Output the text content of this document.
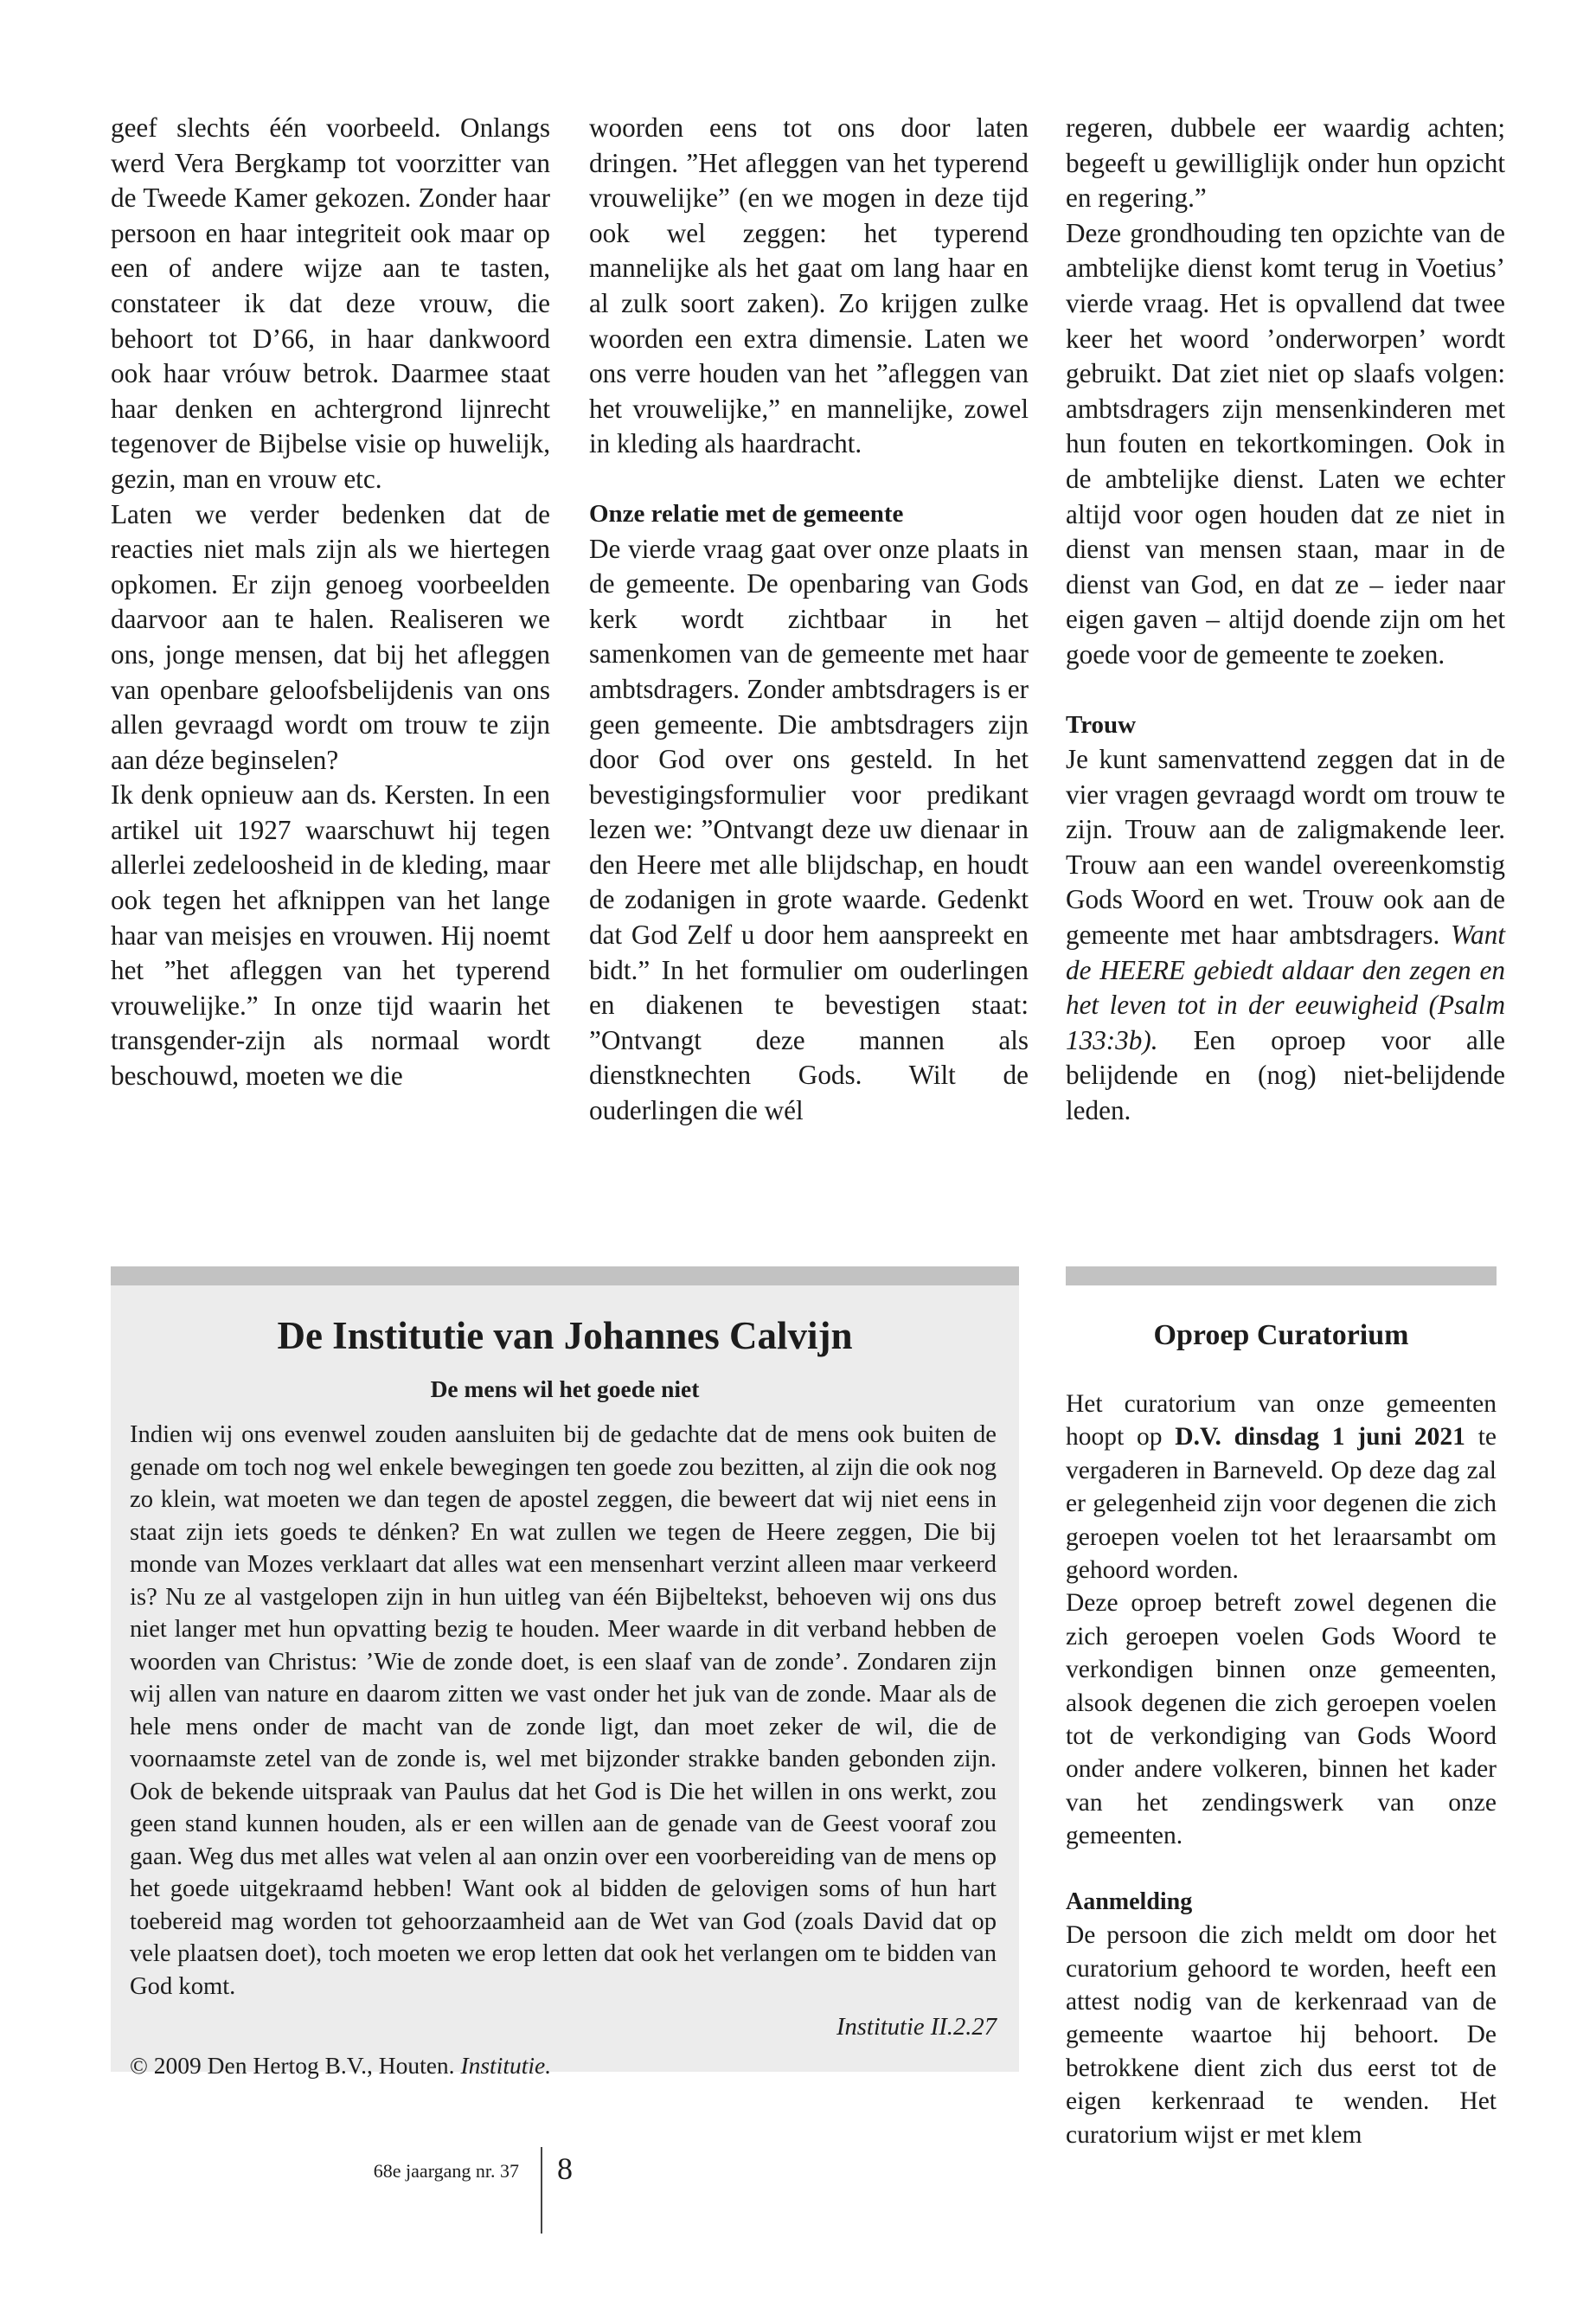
geef slechts één voorbeeld. Onlangs werd Vera Bergkamp tot voorzitter van de Tweede Kamer gekozen. Zonder haar persoon en haar integriteit ook maar op een of andere wijze aan te tasten, constateer ik dat deze vrouw, die behoort tot D’66, in haar dankwoord ook haar vróuw betrok. Daarmee staat haar denken en achtergrond lijnrecht tegenover de Bijbelse visie op huwelijk, gezin, man en vrouw etc.

Laten we verder bedenken dat de reacties niet mals zijn als we hiertegen opkomen. Er zijn genoeg voorbeelden daarvoor aan te halen. Realiseren we ons, jonge mensen, dat bij het afleggen van openbare geloofsbelijdenis van ons allen gevraagd wordt om trouw te zijn aan déze beginselen?

Ik denk opnieuw aan ds. Kersten. In een artikel uit 1927 waarschuwt hij tegen allerlei zedeloosheid in de kleding, maar ook tegen het afknippen van het lange haar van meisjes en vrouwen. Hij noemt het ”het afleggen van het typerend vrouwelijke.” In onze tijd waarin het transgender-zijn als normaal wordt beschouwd, moeten we die

woorden eens tot ons door laten dringen. ”Het afleggen van het typerend vrouwelijke” (en we mogen in deze tijd ook wel zeggen: het typerend mannelijke als het gaat om lang haar en al zulk soort zaken). Zo krijgen zulke woorden een extra dimensie. Laten we ons verre houden van het ”afleggen van het vrouwelijke,” en mannelijke, zowel in kleding als haardracht.

Onze relatie met de gemeente

De vierde vraag gaat over onze plaats in de gemeente. De openbaring van Gods kerk wordt zichtbaar in het samenkomen van de gemeente met haar ambtsdragers. Zonder ambtsdragers is er geen gemeente. Die ambtsdragers zijn door God over ons gesteld. In het bevestigingsformulier voor predikant lezen we: ”Ontvangt deze uw dienaar in den Heere met alle blijdschap, en houdt de zodanigen in grote waarde. Gedenkt dat God Zelf u door hem aanspreekt en bidt.” In het formulier om ouderlingen en diakenen te bevestigen staat: ”Ontvangt deze mannen als dienstknechten Gods. Wilt de ouderlingen die wél

regeren, dubbele eer waardig achten; begeeft u gewilliglijk onder hun opzicht en regering.”

Deze grondhouding ten opzichte van de ambtelijke dienst komt terug in Voetius’ vierde vraag. Het is opvallend dat twee keer het woord ’onderworpen’ wordt gebruikt. Dat ziet niet op slaafs volgen: ambtsdragers zijn mensenkinderen met hun fouten en tekortkomingen. Ook in de ambtelijke dienst. Laten we echter altijd voor ogen houden dat ze niet in dienst van mensen staan, maar in de dienst van God, en dat ze – ieder naar eigen gaven – altijd doende zijn om het goede voor de gemeente te zoeken.

Trouw

Je kunt samenvattend zeggen dat in de vier vragen gevraagd wordt om trouw te zijn. Trouw aan de zaligmakende leer. Trouw aan een wandel overeenkomstig Gods Woord en wet. Trouw ook aan de gemeente met haar ambtsdragers. Want de HEERE gebiedt aldaar den zegen en het leven tot in der eeuwigheid (Psalm 133:3b). Een oproep voor alle belijdende en (nog) niet-belijdende leden.

De Institutie van Johannes Calvijn
De mens wil het goede niet
Indien wij ons evenwel zouden aansluiten bij de gedachte dat de mens ook buiten de genade om toch nog wel enkele bewegingen ten goede zou bezitten, al zijn die ook nog zo klein, wat moeten we dan tegen de apostel zeggen, die beweert dat wij niet eens in staat zijn iets goeds te dénken? En wat zullen we tegen de Heere zeggen, Die bij monde van Mozes verklaart dat alles wat een mensenhart verzint alleen maar verkeerd is? Nu ze al vastgelopen zijn in hun uitleg van één Bijbeltekst, behoeven wij ons dus niet langer met hun opvatting bezig te houden. Meer waarde in dit verband hebben de woorden van Christus: ’Wie de zonde doet, is een slaaf van de zonde’. Zondaren zijn wij allen van nature en daarom zitten we vast onder het juk van de zonde. Maar als de hele mens onder de macht van de zonde ligt, dan moet zeker de wil, die de voornaamste zetel van de zonde is, wel met bijzonder strakke banden gebonden zijn. Ook de bekende uitspraak van Paulus dat het God is Die het willen in ons werkt, zou geen stand kunnen houden, als er een willen aan de genade van de Geest vooraf zou gaan. Weg dus met alles wat velen al aan onzin over een voorbereiding van de mens op het goede uitgekraamd hebben! Want ook al bidden de gelovigen soms of hun hart toebereid mag worden tot gehoorzaamheid aan de Wet van God (zoals David dat op vele plaatsen doet), toch moeten we erop letten dat ook het verlangen om te bidden van God komt.
Institutie II.2.27
© 2009 Den Hertog B.V., Houten. Institutie.
Oproep Curatorium

Het curatorium van onze gemeenten hoopt op D.V. dinsdag 1 juni 2021 te vergaderen in Barneveld. Op deze dag zal er gelegenheid zijn voor degenen die zich geroepen voelen tot het leraarsambt om gehoord worden.

Deze oproep betreft zowel degenen die zich geroepen voelen Gods Woord te verkondigen binnen onze gemeenten, alsook degenen die zich geroepen voelen tot de verkondiging van Gods Woord onder andere volkeren, binnen het kader van het zendingswerk van onze gemeenten.

Aanmelding

De persoon die zich meldt om door het curatorium gehoord te worden, heeft een attest nodig van de kerkenraad van de gemeente waartoe hij behoort. De betrokkene dient zich dus eerst tot de eigen kerkenraad te wenden. Het curatorium wijst er met klem

68e jaargang nr. 37 8
